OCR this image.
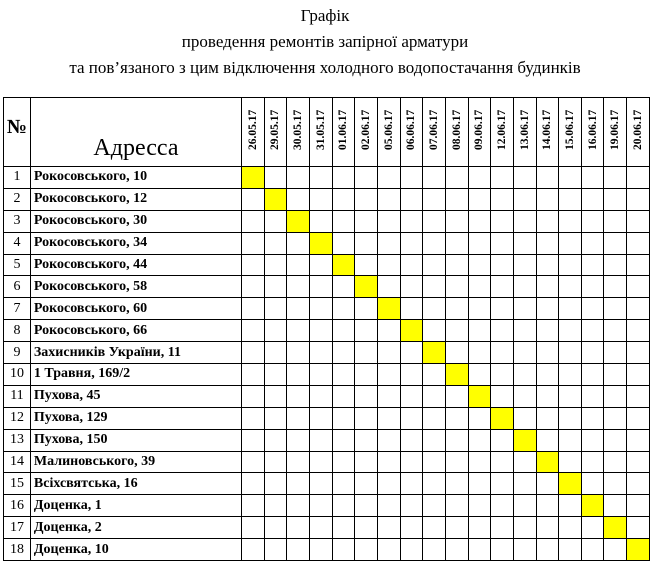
Графік
проведення ремонтів запірної арматури
та пов’язаного з цим відключення холодного водопостачання будинків
№	Адресса	26.05.17	29.05.17	30.05.17	31.05.17	01.06.17	02.06.17	05.06.17	06.06.17	07.06.17	08.06.17	09.06.17	12.06.17	13.06.17	14.06.17	15.06.17	16.06.17	19.06.17	20.06.17

1	Рокосовського, 10																		
2	Рокосовського, 12																		
3	Рокосовського, 30																		
4	Рокосовського, 34																		
5	Рокосовського, 44																		
6	Рокосовського, 58																		
7	Рокосовського, 60																		
8	Рокосовського, 66																		
9	Захисників України, 11																		
10	1 Травня, 169/2																		
11	Пухова, 45																		
12	Пухова, 129																		
13	Пухова, 150																		
14	Малиновського, 39																		
15	Всіхсвятська, 16																		
16	Доценка, 1																		
17	Доценка, 2																		
18	Доценка, 10																		
